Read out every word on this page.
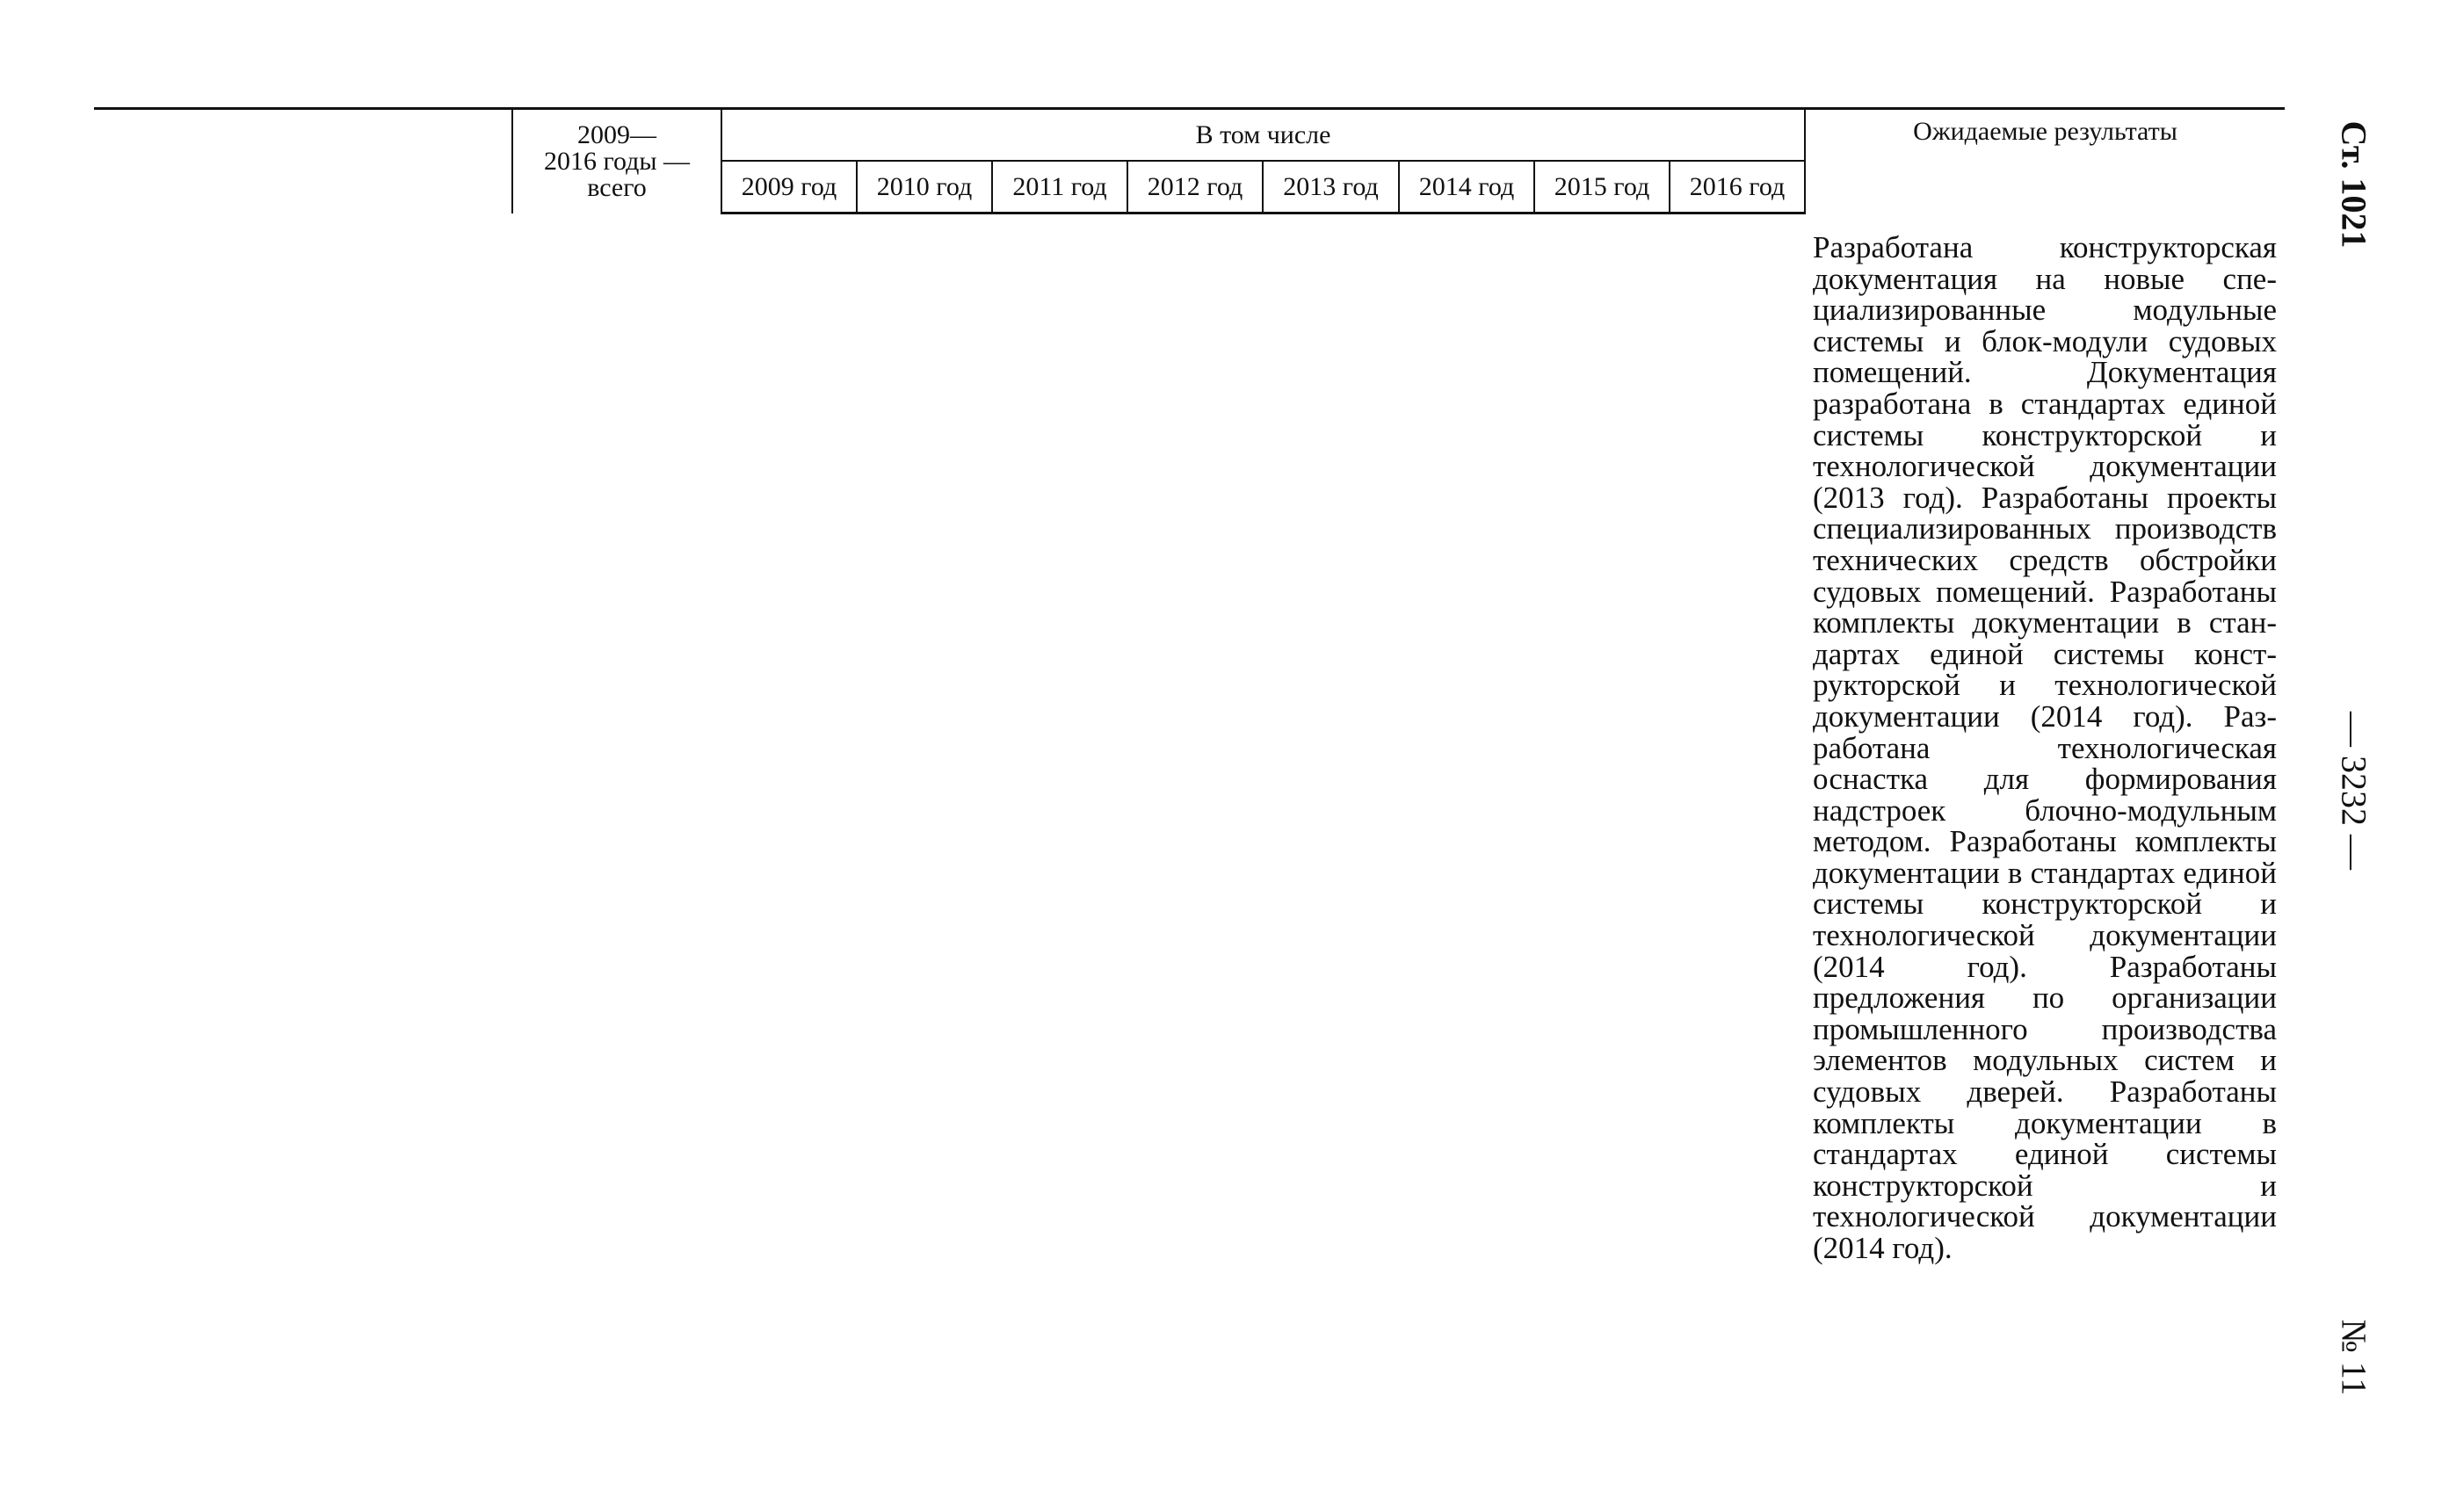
	2009—
2016 годы —
всего	В том числе								Ожидаемые результаты
		2009 год	2010 год	2011 год	2012 год	2013 год	2014 год	2015 год	2016 год	

Разработана конструкторская документация на новые специализированные модульные системы и блок-модули судовых помещений. Документация разработана в стандартах единой системы конструкторской и технологической документации (2013 год). Разработаны проекты специализированных производств технических средств обстройки судовых помещений. Разработаны комплекты документации в стандартах единой системы конструкторской и технологической документации (2014 год). Разработана технологическая оснастка для формирования надстроек блочно-модульным методом. Разработаны комплекты документации в стандартах единой системы конструкторской и технологической документации (2014 год). Разработаны предложения по организации промышленного производства элементов модульных систем и судовых дверей. Разработаны комплекты документации в стандартах единой системы конструкторской и технологической документации (2014 год).

Ст. 1021
— 3232 —
№ 11
